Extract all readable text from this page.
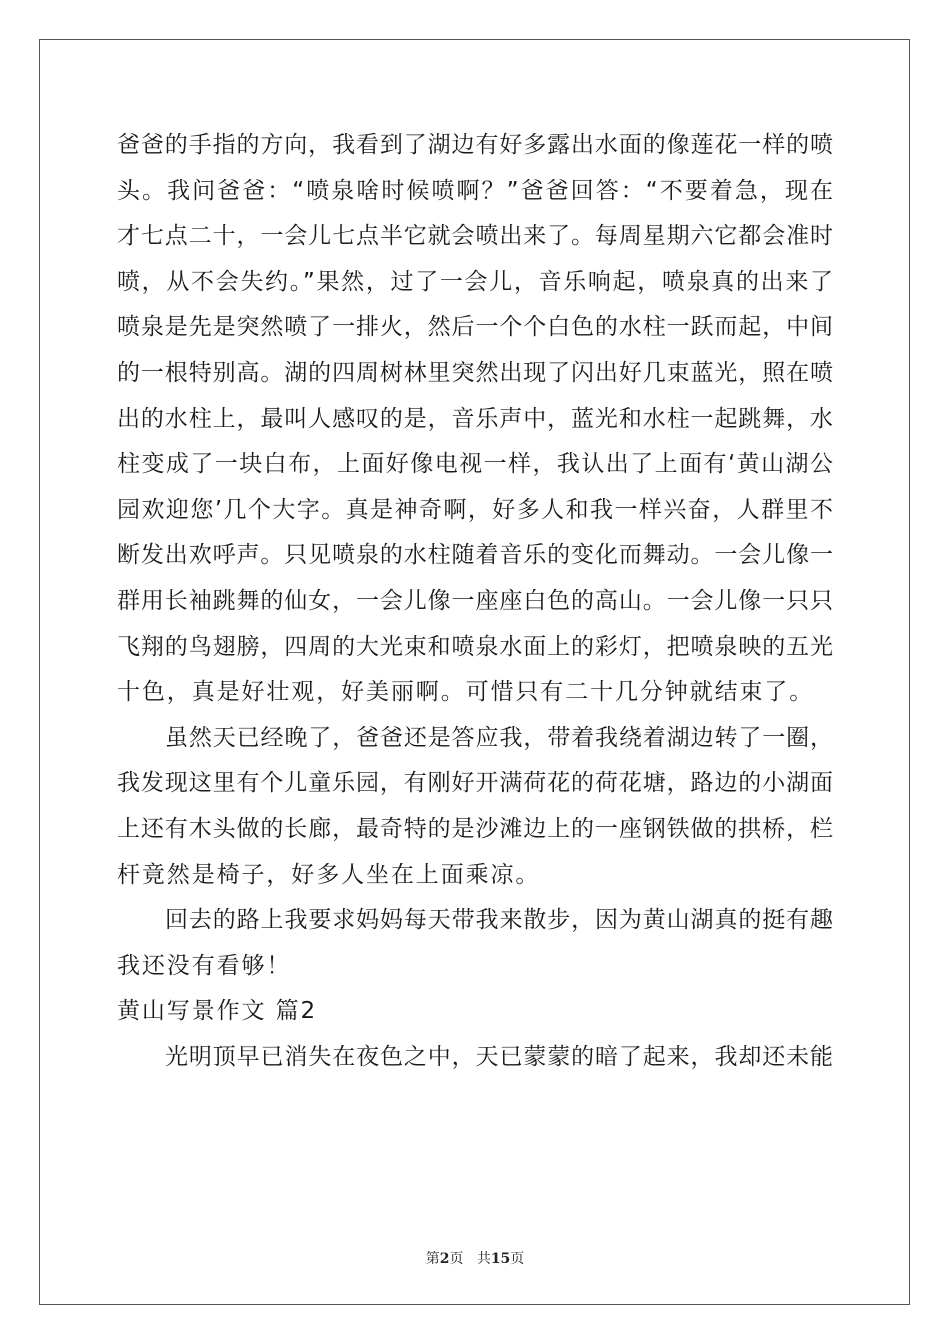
爸爸的手指的方向，我看到了湖边有好多露出水面的像莲花一样的喷
头。我问爸爸：“喷泉啥时候喷啊？”爸爸回答：“不要着急，现在
才七点二十，一会儿七点半它就会喷出来了。每周星期六它都会准时
喷，从不会失约。”果然，过了一会儿，音乐响起，喷泉真的出来了
喷泉是先是突然喷了一排火，然后一个个白色的水柱一跃而起，中间
的一根特别高。湖的四周树林里突然出现了闪出好几束蓝光，照在喷
出的水柱上，最叫人感叹的是，音乐声中，蓝光和水柱一起跳舞，水
柱变成了一块白布，上面好像电视一样，我认出了上面有‘黄山湖公
园欢迎您’几个大字。真是神奇啊，好多人和我一样兴奋，人群里不
断发出欢呼声。只见喷泉的水柱随着音乐的变化而舞动。一会儿像一
群用长袖跳舞的仙女，一会儿像一座座白色的高山。一会儿像一只只
飞翔的鸟翅膀，四周的大光束和喷泉水面上的彩灯，把喷泉映的五光
十色，真是好壮观，好美丽啊。可惜只有二十几分钟就结束了。
虽然天已经晚了，爸爸还是答应我，带着我绕着湖边转了一圈，
我发现这里有个儿童乐园，有刚好开满荷花的荷花塘，路边的小湖面
上还有木头做的长廊，最奇特的是沙滩边上的一座钢铁做的拱桥，栏
杆竟然是椅子，好多人坐在上面乘凉。
回去的路上我要求妈妈每天带我来散步，因为黄山湖真的挺有趣
我还没有看够！
黄山写景作文 篇2
光明顶早已消失在夜色之中，天已蒙蒙的暗了起来，我却还未能
第2页 共15页
